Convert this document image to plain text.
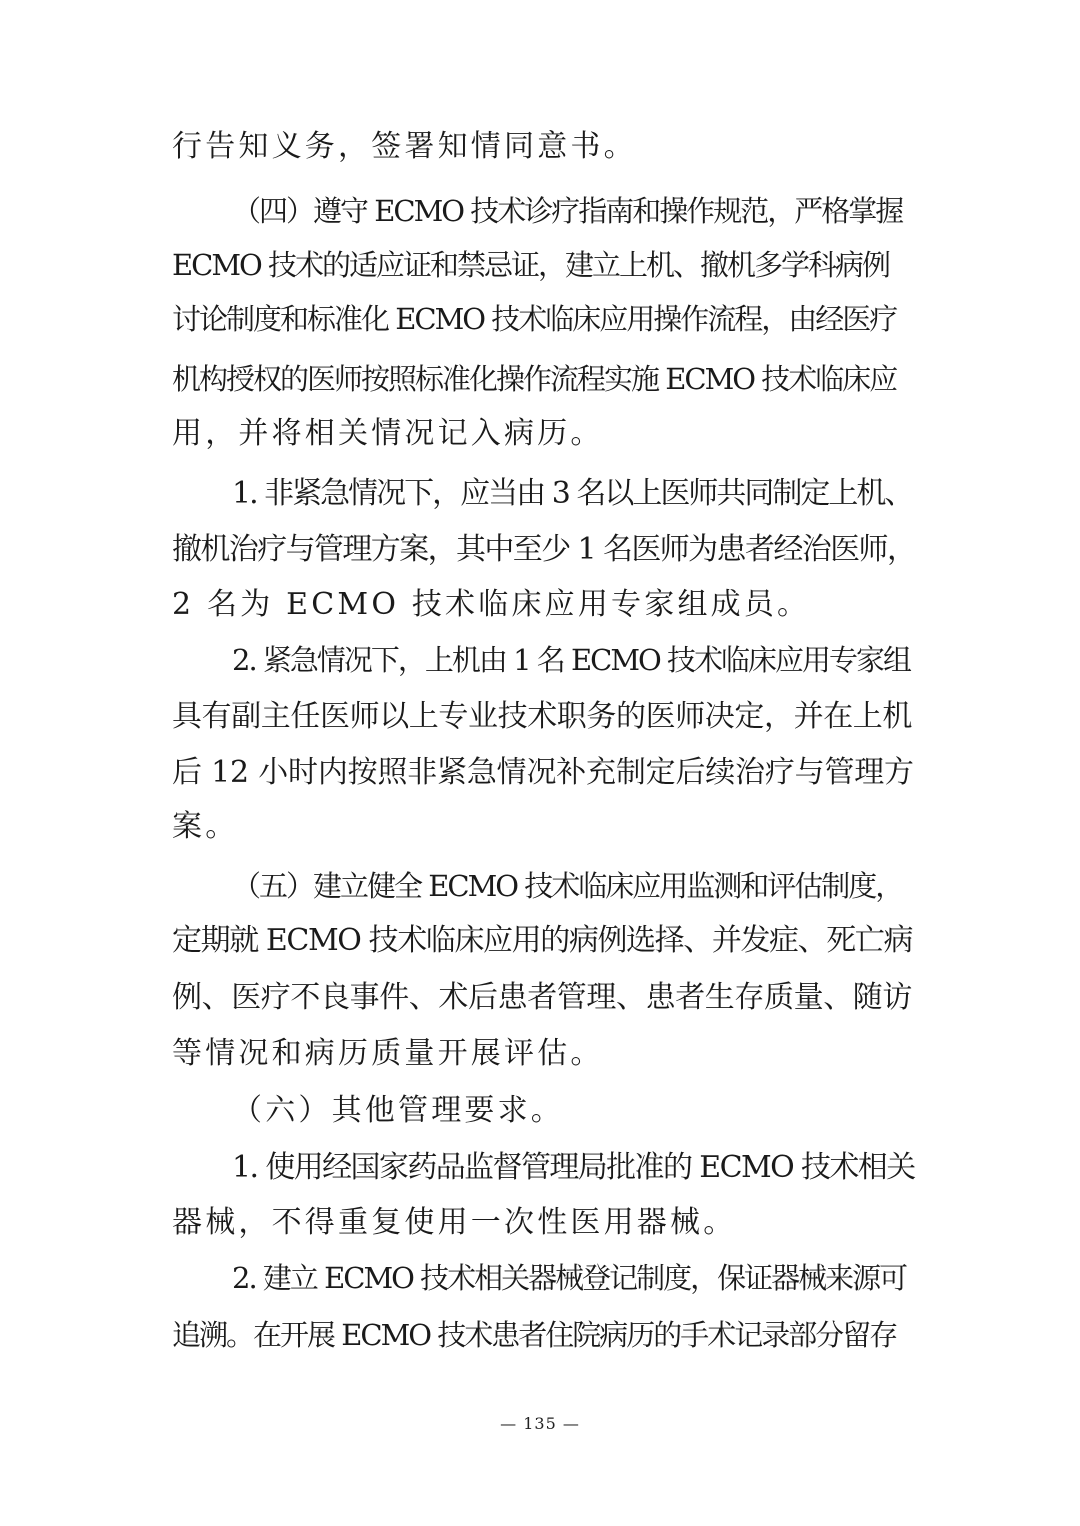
行告知义务，签署知情同意书。
（四）遵守 ECMO 技术诊疗指南和操作规范，严格掌握
ECMO 技术的适应证和禁忌证，建立上机、撤机多学科病例
讨论制度和标准化 ECMO 技术临床应用操作流程，由经医疗
机构授权的医师按照标准化操作流程实施 ECMO 技术临床应
用，并将相关情况记入病历。
1. 非紧急情况下，应当由 3 名以上医师共同制定上机、
撤机治疗与管理方案，其中至少 1 名医师为患者经治医师，
2 名为 ECMO 技术临床应用专家组成员。
2. 紧急情况下，上机由 1 名 ECMO 技术临床应用专家组
具有副主任医师以上专业技术职务的医师决定，并在上机
后 12 小时内按照非紧急情况补充制定后续治疗与管理方
案。
（五）建立健全 ECMO 技术临床应用监测和评估制度，
定期就 ECMO 技术临床应用的病例选择、并发症、死亡病
例、医疗不良事件、术后患者管理、患者生存质量、随访
等情况和病历质量开展评估。
（六）其他管理要求。
1. 使用经国家药品监督管理局批准的 ECMO 技术相关
器械，不得重复使用一次性医用器械。
2. 建立 ECMO 技术相关器械登记制度，保证器械来源可
追溯。在开展 ECMO 技术患者住院病历的手术记录部分留存
— 135 —
